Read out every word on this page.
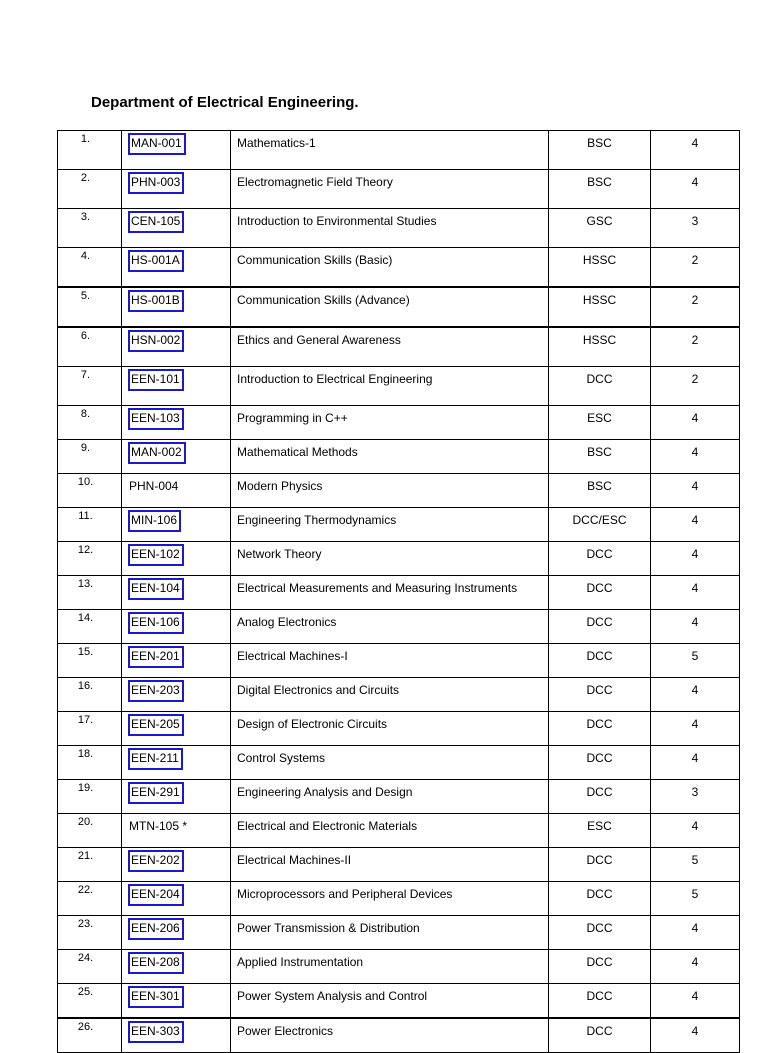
Department of Electrical Engineering.
1.	MAN-001	Mathematics-1	BSC	4
2.	PHN-003	Electromagnetic Field Theory	BSC	4
3.	CEN-105	Introduction to Environmental Studies	GSC	3
4.	HS-001A	Communication Skills (Basic)	HSSC	2
5.	HS-001B	Communication Skills (Advance)	HSSC	2
6.	HSN-002	Ethics and General Awareness	HSSC	2
7.	EEN-101	Introduction to Electrical Engineering	DCC	2
8.	EEN-103	Programming in C++	ESC	4
9.	MAN-002	Mathematical Methods	BSC	4
10.	PHN-004	Modern Physics	BSC	4
11.	MIN-106	Engineering Thermodynamics	DCC/ESC	4
12.	EEN-102	Network Theory	DCC	4
13.	EEN-104	Electrical Measurements and Measuring Instruments	DCC	4
14.	EEN-106	Analog Electronics	DCC	4
15.	EEN-201	Electrical Machines-I	DCC	5
16.	EEN-203	Digital Electronics and Circuits	DCC	4
17.	EEN-205	Design of Electronic Circuits	DCC	4
18.	EEN-211	Control Systems	DCC	4
19.	EEN-291	Engineering Analysis and Design	DCC	3
20.	MTN-105 *	Electrical and Electronic Materials	ESC	4
21.	EEN-202	Electrical Machines-II	DCC	5
22.	EEN-204	Microprocessors and Peripheral Devices	DCC	5
23.	EEN-206	Power Transmission & Distribution	DCC	4
24.	EEN-208	Applied Instrumentation	DCC	4
25.	EEN-301	Power System Analysis and Control	DCC	4
26.	EEN-303	Power Electronics	DCC	4
